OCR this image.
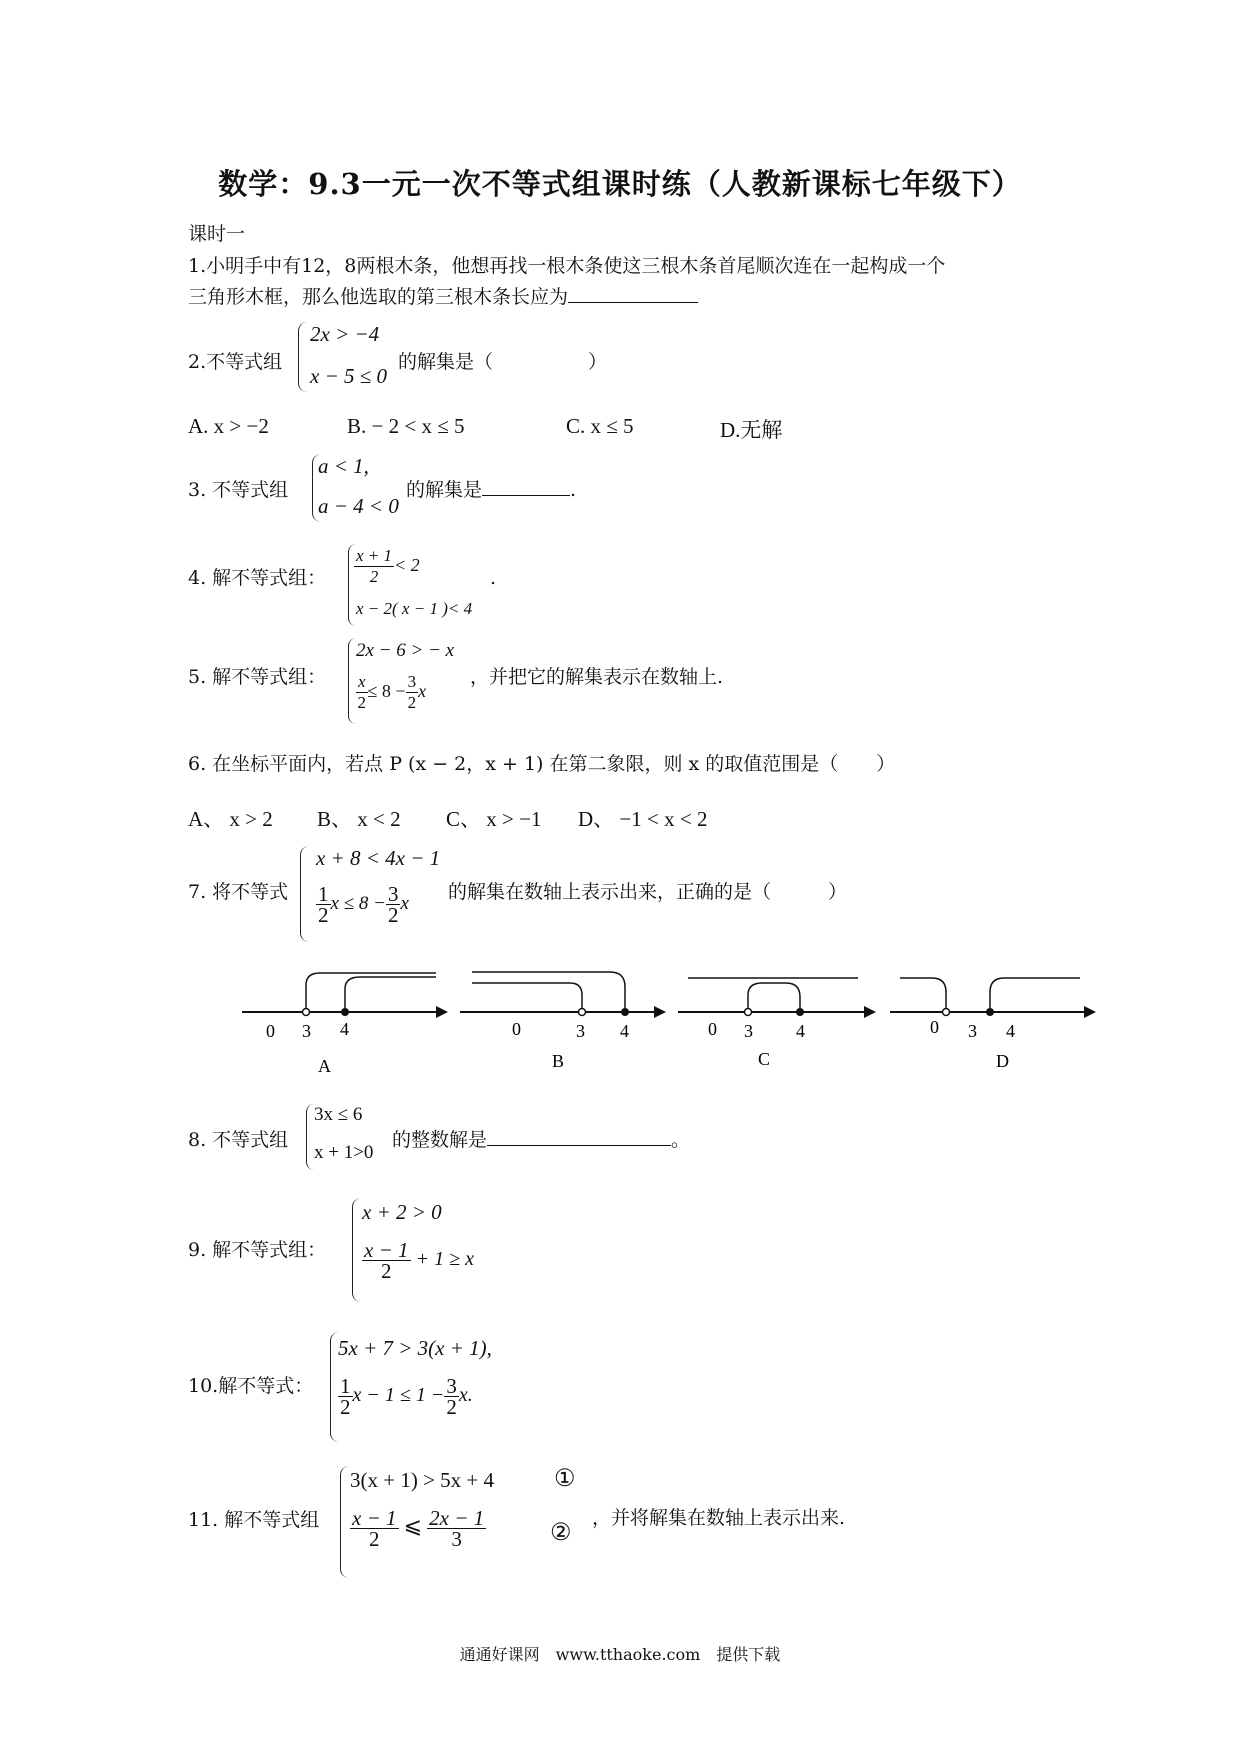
数学：9.3一元一次不等式组课时练（人教新课标七年级下）
课时一
1.小明手中有12，8两根木条，他想再找一根木条使这三根木条首尾顺次连在一起构成一个
三角形木框，那么他选取的第三根木条长应为
2.不等式组
2x > −4
x − 5 ≤ 0
的解集是（　　　　　）
A. x > −2	B. − 2 < x ≤ 5	C. x ≤ 5	D.无解
3. 不等式组
a < 1,
a − 4 < 0
的解集是	.
4. 解不等式组： $\frac{x + 1}{2} < 2$
x − 2( x − 1 )< 4
.
5. 解不等式组：
2x − 6 > − x
$\frac{x}{2} \le 8 - \frac{3}{2}$ x
，并把它的解集表示在数轴上.
6. 在坐标平面内，若点 P (x − 2，x + 1) 在第二象限，则 x 的取值范围是（　　）
A、 x > 2 B、 x < 2 C、 x > −1 D、 −1 < x < 2
7. 将不等式
x + 8 < 4x − 1
$\frac{1}{2}$ $x \le 8 - \frac{3}{2}$ x
的解集在数轴上表示出来，正确的是（　　　）
0 3 4
A
0	3 4
B
0 3 4
C
0 3 4
D
8. 不等式组
3x ≤ 6
x + 1>0
的整数解是	。
9. 解不等式组：
x + 2 > 0
$\frac{x - 1}{2} + 1 \ge x$
10.解不等式：
5x + 7 > 3(x + 1),
$\frac{1}{2}$ $x - 1 \le 1 - \frac{3}{2} x$.
11. 解不等式组
3(x + 1) > 5x + 4
$\frac{x - 1}{2}$ ⩽ $\frac{2x - 1}{3}$
①
② ，并将解集在数轴上表示出来.
通通好课网　www.tthaoke.com　提供下载
